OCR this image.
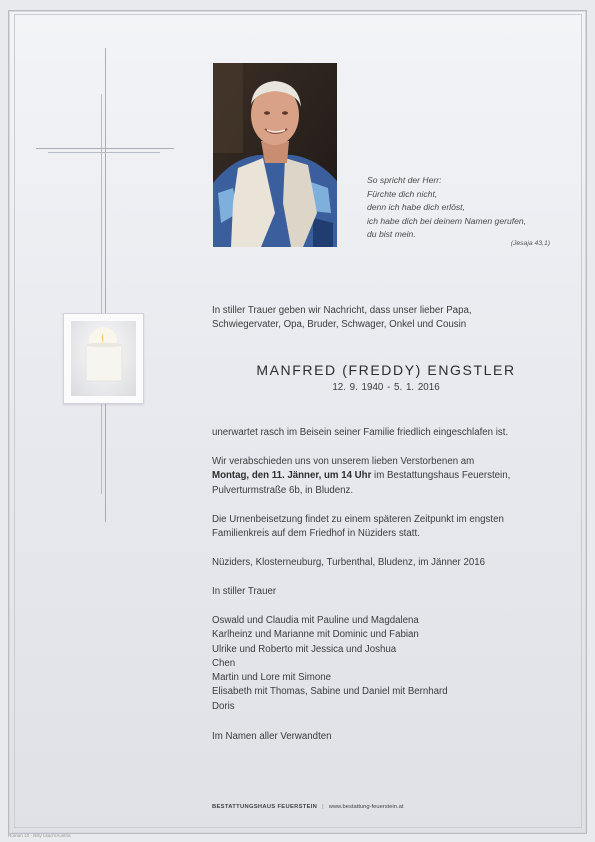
So spricht der Herr:
Fürchte dich nicht,
denn ich habe dich erlöst,
ich habe dich bei deinem Namen gerufen,
du bist mein.
(Jesaja 43,1)
In stiller Trauer geben wir Nachricht, dass unser lieber Papa,
Schwiegervater, Opa, Bruder, Schwager, Onkel und Cousin
MANFRED (FREDDY) ENGSTLER
12. 9. 1940 - 5. 1. 2016
unerwartet rasch im Beisein seiner Familie friedlich eingeschlafen ist.
Wir verabschieden uns von unserem lieben Verstorbenen am
Montag, den 11. Jänner, um 14 Uhr im Bestattungshaus Feuerstein,
Pulverturmstraße 6b, in Bludenz.
Die Urnenbeisetzung findet zu einem späteren Zeitpunkt im engsten
Familienkreis auf dem Friedhof in Nüziders statt.
Nüziders, Klosterneuburg, Turbenthal, Bludenz, im Jänner 2016
In stiller Trauer
Oswald und Claudia mit Pauline und Magdalena
Karlheinz und Marianne mit Dominic und Fabian
Ulrike und Roberto mit Jessica und Joshua
Chen
Martin und Lore mit Simone
Elisabeth mit Thomas, Sabine und Daniel mit Bernhard
Doris
Im Namen aller Verwandten
BESTATTUNGSHAUS FEUERSTEIN | www.bestattung-feuerstein.at
Roman 10 - Billy Lilach/Austria
